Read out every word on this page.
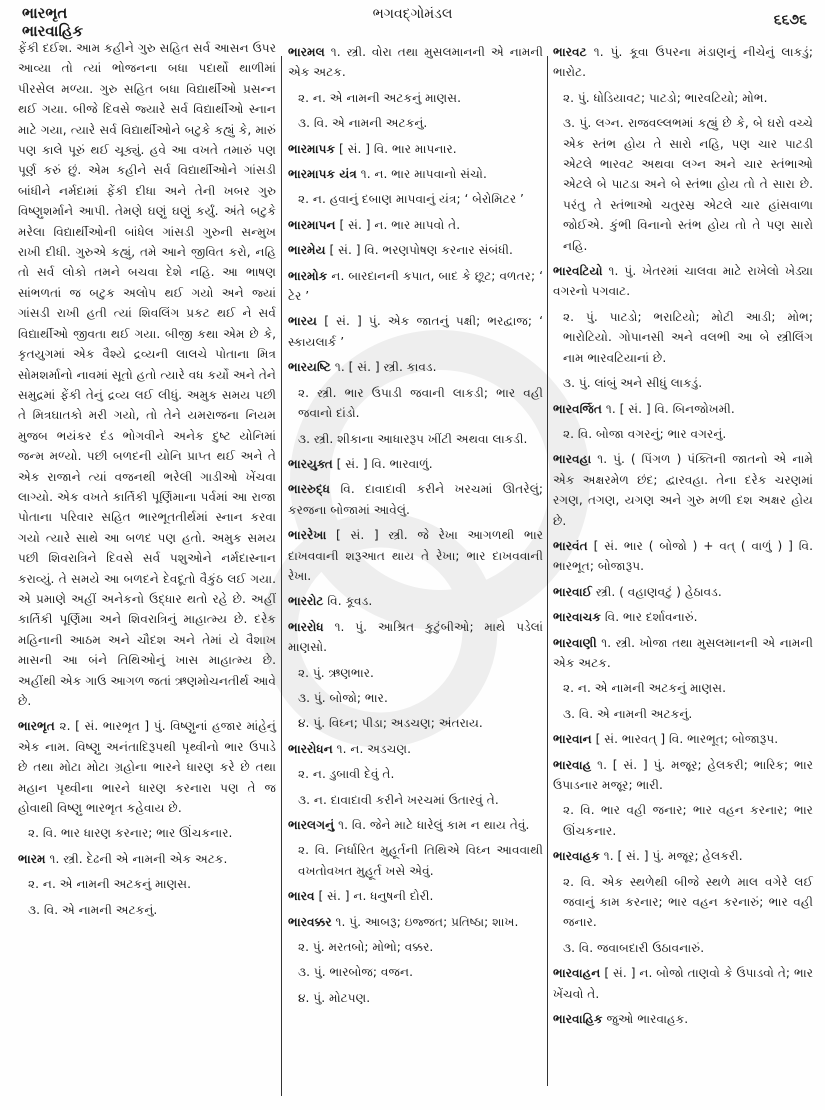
ભારભૃત
ભારવાહિક
ભગવદ્ગોમંડલ	૬૬૭૬
ફેંકી દઈશ. આમ કહીને ગુરુ સહિત સર્વ આસન ઉપર આવ્યા તો ત્યાં ભોજનના બધા પદાર્થો થાળીમાં પીરસેલ મળ્યા. ગુરુ સહિત બધા વિદ્યાર્થીઓ પ્રસન્ન થઈ ગયા. બીજે દિવસે જ્યારે સર્વ વિદ્યાર્થીઓ સ્નાન માટે ગયા, ત્યારે સર્વ વિદ્યાર્થીઓને બટુકે કહ્યું કે, મારું પણ કાલે પૂરું થઈ ચૂક્યું. હવે આ વખતે તમારું પણ પૂર્ણ કરું છું. એમ કહીને સર્વ વિદ્યાર્થીઓને ગાંસડી બાંધીને નર્મદામાં ફેંકી દીધા અને તેની ખબર ગુરુ વિષ્ણુશર્માને આપી. તેમણે ઘણું ઘણું કર્યું. અંતે બટુકે મરેલા વિદ્યાર્થીઓની બાંધેલ ગાંસડી ગુરુની સન્મુખ રાખી દીધી. ગુરુએ કહ્યું, તમે આને જીવિત કરો, નહિ તો સર્વ લોકો તમને બચવા દેશે નહિ. આ ભાષણ સાંભળતાં જ બટુક અલોપ થઈ ગયો અને જ્યાં ગાંસડી રાખી હતી ત્યાં શિવલિંગ પ્રકટ થઈ ને સર્વ વિદ્યાર્થીઓ જીવતા થઈ ગયા. બીજી કથા એમ છે કે, કૃતયુગમાં એક વૈશ્યે દ્રવ્યની લાલચે પોતાના મિત્ર સોમશર્માનો નાવમાં સૂતો હતો ત્યારે વધ કર્યો અને તેને સમુદ્રમાં ફેંકી તેનું દ્રવ્ય લઈ લીધું. અમુક સમય પછી તે મિત્રઘાતકો મરી ગયો, તો તેને યમરાજના નિયમ મુજબ ભયંકર દંડ ભોગવીને અનેક દુષ્ટ યોનિમાં જન્મ મળ્યો. પછી બળદની યોનિ પ્રાપ્ત થઈ અને તે એક રાજાને ત્યાં વજનથી ભરેલી ગાડીઓ ખેંચવા લાગ્યો. એક વખતે કાર્તિકી પૂર્ણિમાના પર્વમાં આ રાજા પોતાના પરિવાર સહિત ભારભૂતતીર્થમાં સ્નાન કરવા ગયો ત્યારે સાથે આ બળદ પણ હતો. અમુક સમય પછી શિવરાત્રિને દિવસે સર્વ પશુઓને નર્મદાસ્નાન કરાવ્યું. તે સમયે આ બળદને દેવદૂતો વૈકુંઠ લઈ ગયા. એ પ્રમાણે અહીં અનેકનો ઉદ્ધાર થતો રહે છે. અહીં કાર્તિકી પૂર્ણિમા અને શિવરાત્રિનું માહાત્મ્ય છે. દરેક મહિનાની આઠમ અને ચૌદશ અને તેમાં યે વૈશાખ માસની આ બંને તિથિઓનું ખાસ માહાત્મ્ય છે. અહીંથી એક ગાઉ આગળ જતાં ઋણમોચનતીર્થ આવે છે.
ભારભૃત ૨. [ સં. ભારભૃત ] પું. વિષ્ણુનાં હજાર માંહેનું એક નામ. વિષ્ણુ અનંતાદિરૂપથી પૃથ્વીનો ભાર ઉપાડે છે તથા મોટા મોટા ગ્રહોના ભારને ધારણ કરે છે તથા મહાન પૃથ્વીના ભારને ધારણ કરનારા પણ તે જ હોવાથી વિષ્ણુ ભારભૃત કહેવાય છે.
૨. વિ. ભાર ધારણ કરનાર; ભાર ઊંચકનાર.
ભારમ ૧. સ્ત્રી. દેઢની એ નામની એક અટક.
૨. ન. એ નામની અટકનું માણસ.
૩. વિ. એ નામની અટકનું.
ભારમલ ૧. સ્ત્રી. વોરા તથા મુસલમાનની એ નામની એક અટક.
૨. ન. એ નામની અટકનું માણસ.
૩. વિ. એ નામની અટકનું.
ભારમાપક [ સં. ] વિ. ભાર માપનાર.
ભારમાપક યંત્ર ૧. ન. ભાર માપવાનો સંચો.
૨. ન. હવાનું દબાણ માપવાનું યંત્ર; ‘ બેરોમિટર ’
ભારમાપન [ સં. ] ન. ભાર માપવો તે.
ભારમેય [ સં. ] વિ. ભરણપોષણ કરનાર સંબંધી.
ભારમોક ન. બારદાનની કપાત, બાદ કે છૂટ; વળતર; ‘ ટેર ’
ભારય [ સં. ] પું. એક જાતનું પક્ષી; ભરદ્વાજ; ‘ સ્કાયલાર્ક ’
ભારયષ્ટિ ૧. [ સં. ] સ્ત્રી. કાવડ.
૨. સ્ત્રી. ભાર ઉપાડી જવાની લાકડી; ભાર વહી જવાનો દાંડો.
૩. સ્ત્રી. શીકાના આધારરૂપ ખીંટી અથવા લાકડી.
ભારયુક્ત [ સં. ] વિ. ભારવાળું.
ભારરુદ્ધ વિ. દાવાદાવી કરીને ખરચમાં ઊતરેલું; કરજના બોજામાં આવેલું.
ભારરેખા [ સં. ] સ્ત્રી. જે રેખા આગળથી ભાર દાખવવાની શરૂઆત થાય તે રેખા; ભાર દાખવવાની રેખા.
ભારરોટ વિ. કૂવડ.
ભારરોધ ૧. પું. આશ્રિત કુટુંબીઓ; માથે પડેલાં માણસો.
૨. પું. ઋણભાર.
૩. પું. બોજો; ભાર.
૪. પું. વિઘ્ન; પીડા; અડચણ; અંતરાય.
ભારરોધન ૧. ન. અડચણ.
૨. ન. ડુબાવી દેવું તે.
૩. ન. દાવાદાવી કરીને ખરચમાં ઉતારવું તે.
ભારલગનું ૧. વિ. જેને માટે ધારેલું કામ ન થાય તેવું.
૨. વિ. નિર્ધારિત મુહૂર્તની તિથિએ વિઘ્ન આવવાથી વખતોવખત મુહૂર્ત ખસે એવું.
ભારવ [ સં. ] ન. ધનુષની દોરી.
ભારવક્કર ૧. પું. આબરૂ; ઇજ્જત; પ્રતિષ્ઠા; શાખ.
૨. પું. મરતબો; મોભો; વક્કર.
૩. પું. ભારબોજ; વજન.
૪. પું. મોટપણ.
ભારવટ ૧. પું. કૂવા ઉપરના મંડાણનું નીચેનું લાકડું; ભારોટ.
૨. પું. ધોડિયાવટ; પાટડો; ભારવટિયો; મોભ.
૩. પું. લગ્ન. રાજવલ્લભમાં કહ્યું છે કે, બે ઘરો વચ્ચે એક સ્તંભ હોય તે સારો નહિ, પણ ચાર પાટડી એટલે ભારવટ અથવા લગ્ન અને ચાર સ્તંભાઓ એટલે બે પાટડા અને બે સ્તંભા હોય તો તે સારા છે. પરંતુ તે સ્તંભાઓ ચતુરસ્ર એટલે ચાર હાંસવાળા જોઈએ. કુંભી વિનાનો સ્તંભ હોય તો તે પણ સારો નહિ.
ભારવટિયો ૧. પું. ખેતરમાં ચાલવા માટે રાખેલો ખેડ્યા વગરનો પગવાટ.
૨. પું. પાટડો; ભરાટિયો; મોટી આડી; મોભ; ભારોટિયો. ગોપાનસી અને વલભી આ બે સ્ત્રીલિંગ નામ ભારવટિયાનાં છે.
૩. પું. લાંબું અને સીધું લાકડું.
ભારવર્જિત ૧. [ સં. ] વિ. બિનજોખમી.
૨. વિ. બોજા વગરનું; ભાર વગરનું.
ભારવહા ૧. પું. ( પિંગળ ) પંક્તિની જાતનો એ નામે એક અક્ષરમેળ છંદ; દ્વારવહા. તેના દરેક ચરણમાં રગણ, તગણ, યગણ અને ગુરુ મળી દશ અક્ષર હોય છે.
ભારવંત [ સં. ભાર ( બોજો ) + વત્ ( વાળું ) ] વિ. ભારભૂત; બોજારૂપ.
ભારવાઈ સ્ત્રી. ( વહાણવટું ) હેઠાવડ.
ભારવાચક વિ. ભાર દર્શાવનારું.
ભારવાણી ૧. સ્ત્રી. ખોજા તથા મુસલમાનની એ નામની એક અટક.
૨. ન. એ નામની અટકનું માણસ.
૩. વિ. એ નામની અટકનું.
ભારવાન [ સં. ભારવત્ ] વિ. ભારભૂત; બોજારૂપ.
ભારવાહ ૧. [ સં. ] પું. મજૂર; હેલકરી; ભારિક; ભાર ઉપાડનાર મજૂર; ભારી.
૨. વિ. ભાર વહી જનાર; ભાર વહન કરનાર; ભાર ઊંચકનાર.
ભારવાહક ૧. [ સં. ] પું. મજૂર; હેલકરી.
૨. વિ. એક સ્થળેથી બીજે સ્થળે માલ વગેરે લઈ જવાનું કામ કરનાર; ભાર વહન કરનારું; ભાર વહી જનાર.
૩. વિ. જવાબદારી ઉઠાવનારું.
ભારવાહન [ સં. ] ન. બોજો તાણવો કે ઉપાડવો તે; ભાર ખેંચવો તે.
ભારવાહિક જુઓ ભારવાહક.
